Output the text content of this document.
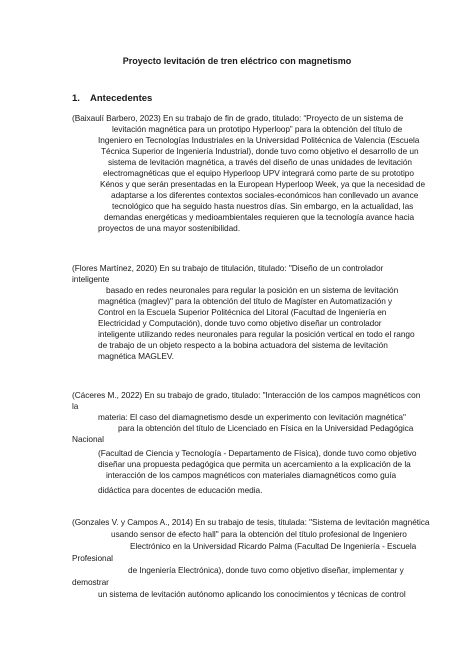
Proyecto levitación de tren eléctrico con magnetismo
1. Antecedentes
(Baixaulí Barbero, 2023) En su trabajo de fin de grado, titulado: “Proyecto de un sistema de
levitación magnética para un prototipo Hyperloop” para la obtención del título de
Ingeniero en Tecnologías Industriales en la Universidad Politécnica de Valencia (Escuela
Técnica Superior de Ingeniería Industrial), donde tuvo como objetivo el desarrollo de un
sistema de levitación magnética, a través del diseño de unas unidades de levitación
electromagnéticas que el equipo Hyperloop UPV integrará como parte de su prototipo
Kénos y que serán presentadas en la European Hyperloop Week, ya que la necesidad de
adaptarse a los diferentes contextos sociales-económicos han conllevado un avance
tecnológico que ha seguido hasta nuestros días. Sin embargo, en la actualidad, las
demandas energéticas y medioambientales requieren que la tecnología avance hacia
proyectos de una mayor sostenibilidad.
(Flores Martínez, 2020) En su trabajo de titulación, titulado: "Diseño de un controlador
inteligente
basado en redes neuronales para regular la posición en un sistema de levitación
magnética (maglev)" para la obtención del título de Magíster en Automatización y
Control en la Escuela Superior Politécnica del Litoral (Facultad de Ingeniería en
Electricidad y Computación), donde tuvo como objetivo diseñar un controlador
inteligente utilizando redes neuronales para regular la posición vertical en todo el rango
de trabajo de un objeto respecto a la bobina actuadora del sistema de levitación
magnética MAGLEV.
(Cáceres M., 2022) En su trabajo de grado, titulado: "Interacción de los campos magnéticos con
la
materia: El caso del diamagnetismo desde un experimento con levitación magnética"
para la obtención del título de Licenciado en Física en la Universidad Pedagógica
Nacional
(Facultad de Ciencia y Tecnología - Departamento de Física), donde tuvo como objetivo
diseñar una propuesta pedagógica que permita un acercamiento a la explicación de la
interacción de los campos magnéticos con materiales diamagnéticos como guía
didáctica para docentes de educación media.
(Gonzales V. y Campos A., 2014) En su trabajo de tesis, titulada: "Sistema de levitación magnética
usando sensor de efecto hall" para la obtención del título profesional de Ingeniero
Electrónico en la Universidad Ricardo Palma (Facultad De Ingeniería - Escuela
Profesional
de Ingeniería Electrónica), donde tuvo como objetivo diseñar, implementar y
demostrar
un sistema de levitación autónomo aplicando los conocimientos y técnicas de control
